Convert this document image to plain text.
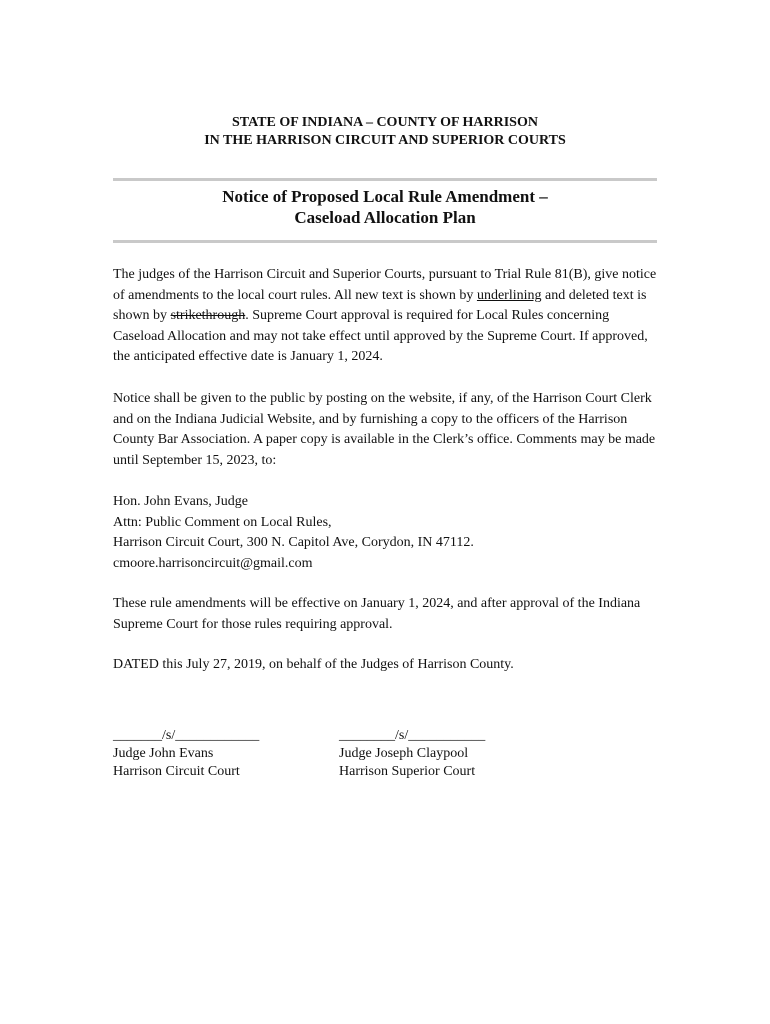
STATE OF INDIANA – COUNTY OF HARRISON
IN THE HARRISON CIRCUIT AND SUPERIOR COURTS
Notice of Proposed Local Rule Amendment –
Caseload Allocation Plan

The judges of the Harrison Circuit and Superior Courts, pursuant to Trial Rule 81(B), give notice of amendments to the local court rules. All new text is shown by underlining and deleted text is shown by strikethrough. Supreme Court approval is required for Local Rules concerning Caseload Allocation and may not take effect until approved by the Supreme Court. If approved, the anticipated effective date is January 1, 2024.

Notice shall be given to the public by posting on the website, if any, of the Harrison Court Clerk and on the Indiana Judicial Website, and by furnishing a copy to the officers of the Harrison County Bar Association. A paper copy is available in the Clerk’s office. Comments may be made until September 15, 2023, to:

Hon. John Evans, Judge
Attn: Public Comment on Local Rules,
Harrison Circuit Court, 300 N. Capitol Ave, Corydon, IN 47112.
cmoore.harrisoncircuit@gmail.com

These rule amendments will be effective on January 1, 2024, and after approval of the Indiana Supreme Court for those rules requiring approval.

DATED this July 27, 2019, on behalf of the Judges of Harrison County.

_______/s/____________
Judge John Evans
Harrison Circuit Court
________/s/___________
Judge Joseph Claypool
Harrison Superior Court
